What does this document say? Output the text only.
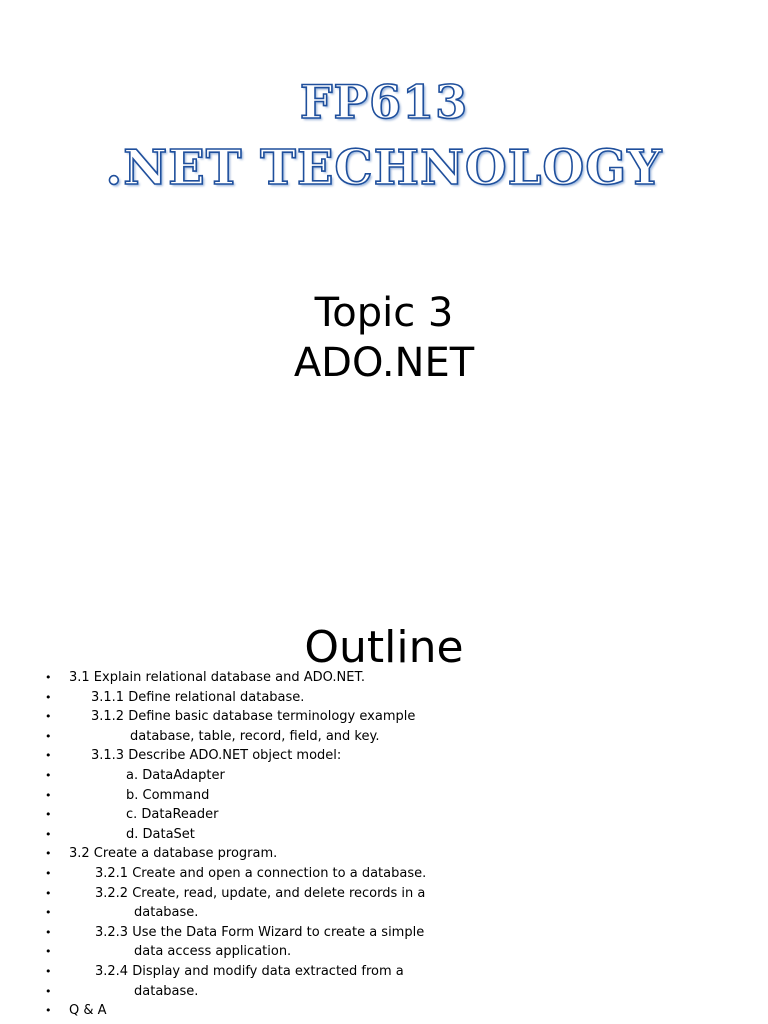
FP613
.NET TECHNOLOGY
Topic 3
ADO.NET
Outline
• 3.1 Explain relational database and ADO.NET.
•	3.1.1 Define relational database.
•	3.1.2 Define basic database terminology example
•	database, table, record, field, and key.
•	3.1.3 Describe ADO.NET object model:
•	a. DataAdapter
•	b. Command
•	c. DataReader
•	d. DataSet
• 3.2 Create a database program.
•	3.2.1 Create and open a connection to a database.
•	3.2.2 Create, read, update, and delete records in a
•	database.
•	3.2.3 Use the Data Form Wizard to create a simple
•	data access application.
•	3.2.4 Display and modify data extracted from a
•	database.
• Q & A
